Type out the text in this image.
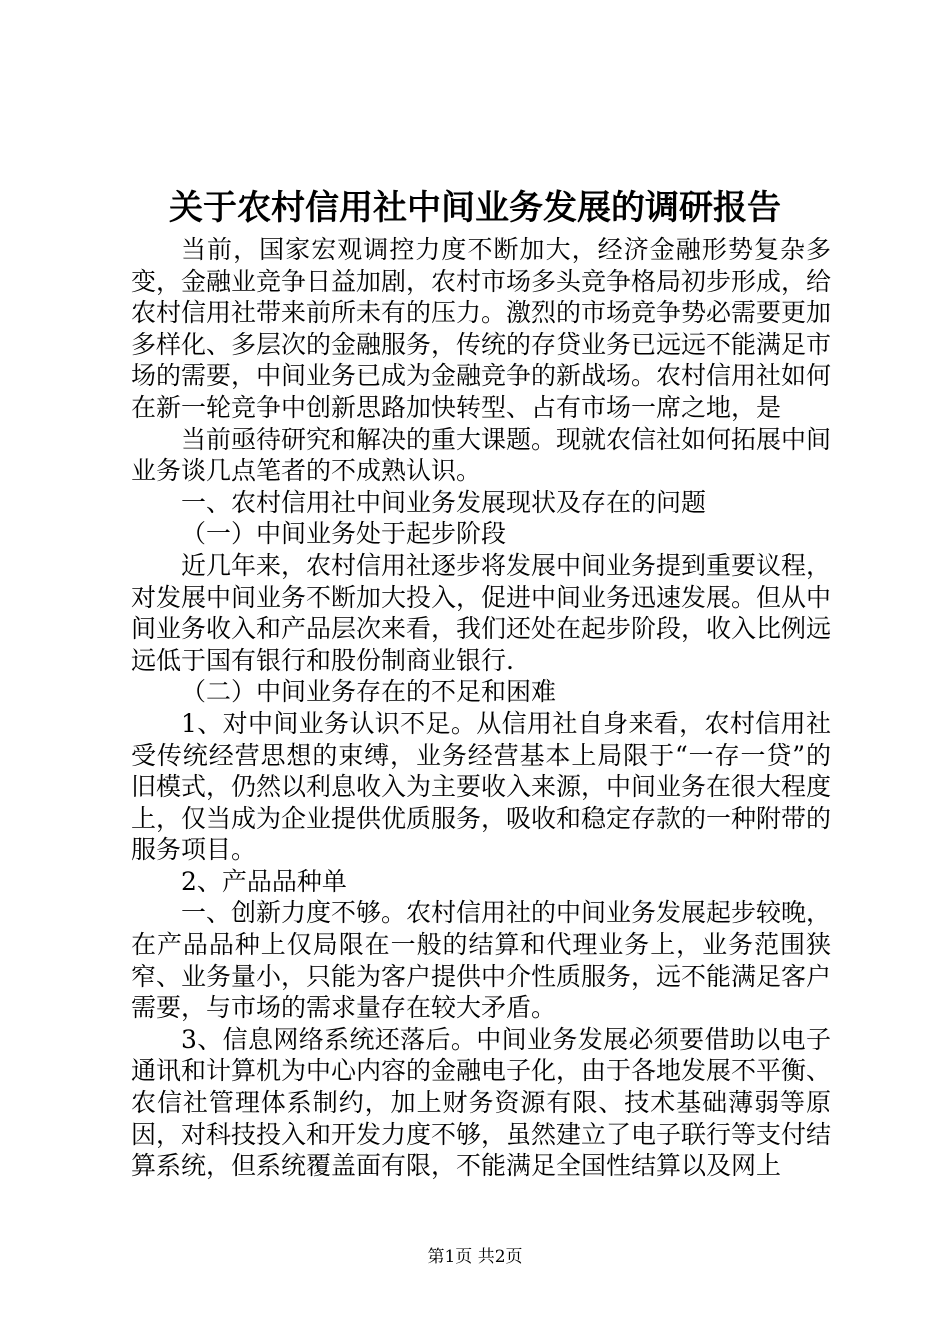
关于农村信用社中间业务发展的调研报告

当前，国家宏观调控力度不断加大，经济金融形势复杂多变，金融业竞争日益加剧，农村市场多头竞争格局初步形成，给农村信用社带来前所未有的压力。激烈的市场竞争势必需要更加多样化、多层次的金融服务，传统的存贷业务已远远不能满足市场的需要，中间业务已成为金融竞争的新战场。农村信用社如何在新一轮竞争中创新思路加快转型、占有市场一席之地，是

当前亟待研究和解决的重大课题。现就农信社如何拓展中间业务谈几点笔者的不成熟认识。

一、农村信用社中间业务发展现状及存在的问题

（一）中间业务处于起步阶段

近几年来，农村信用社逐步将发展中间业务提到重要议程，对发展中间业务不断加大投入，促进中间业务迅速发展。但从中间业务收入和产品层次来看，我们还处在起步阶段，收入比例远远低于国有银行和股份制商业银行.

（二）中间业务存在的不足和困难

1、对中间业务认识不足。从信用社自身来看，农村信用社受传统经营思想的束缚，业务经营基本上局限于“一存一贷”的旧模式，仍然以利息收入为主要收入来源，中间业务在很大程度上，仅当成为企业提供优质服务，吸收和稳定存款的一种附带的服务项目。

2、产品品种单

一、创新力度不够。农村信用社的中间业务发展起步较晚，在产品品种上仅局限在一般的结算和代理业务上，业务范围狭窄、业务量小，只能为客户提供中介性质服务，远不能满足客户需要，与市场的需求量存在较大矛盾。

3、信息网络系统还落后。中间业务发展必须要借助以电子通讯和计算机为中心内容的金融电子化，由于各地发展不平衡、农信社管理体系制约，加上财务资源有限、技术基础薄弱等原因，对科技投入和开发力度不够，虽然建立了电子联行等支付结算系统，但系统覆盖面有限，不能满足全国性结算以及网上

第1页 共2页
